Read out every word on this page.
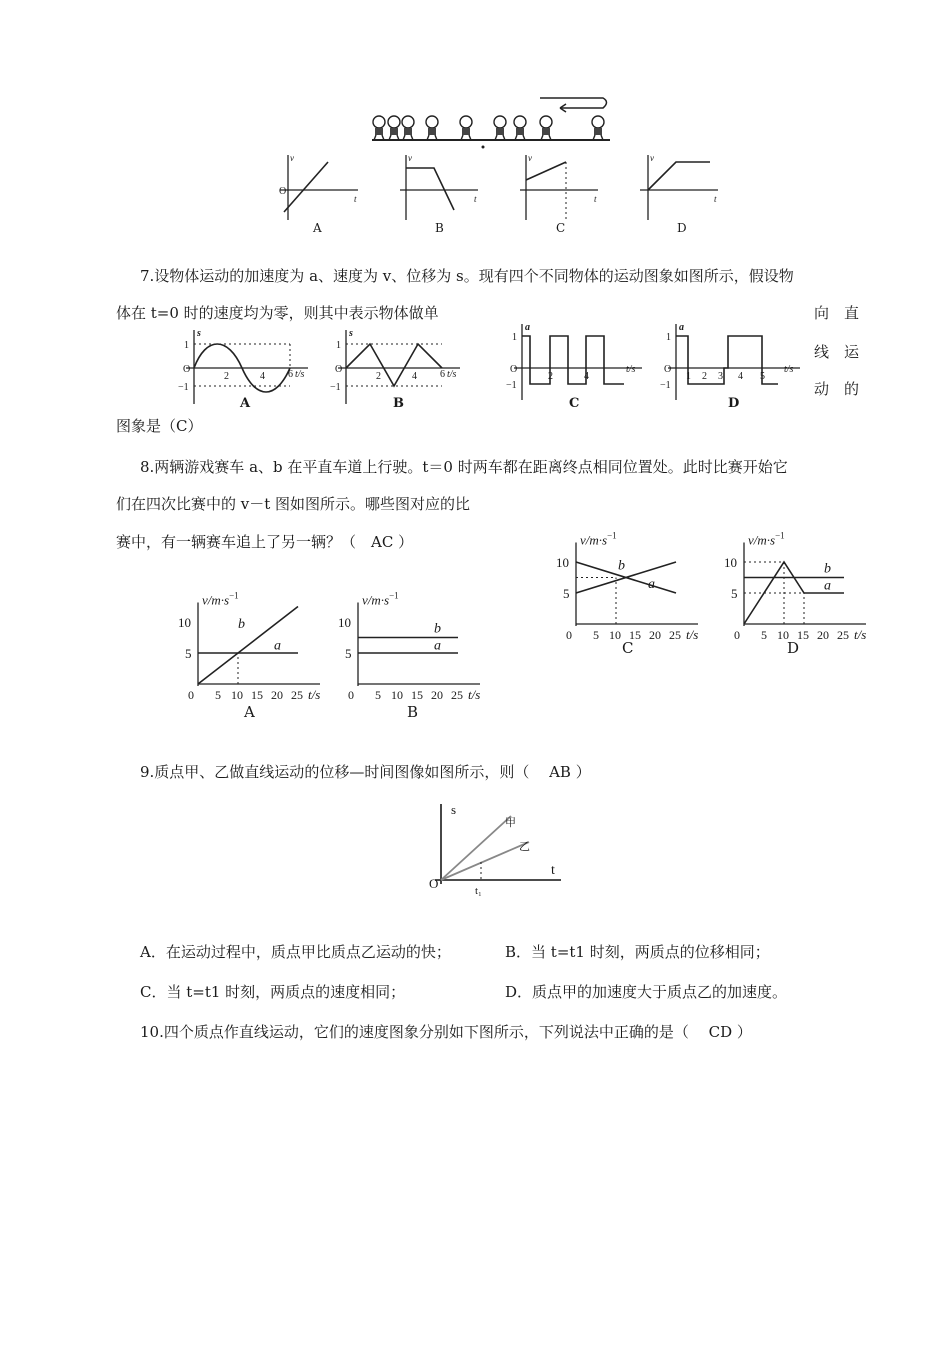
v
t
O
v
t
v
t
v
t
A	B	C	D
7.设物体运动的加速度为 a、速度为 v、位移为 s。现有四个不同物体的运动图象如图所示，假设物
体在 t=0 时的速度均为零，则其中表示物体做单	向　直
线　运
动　的
图象是（C）
s
1
O
−1
2	4 6 t/s
A
s
1
O
−1
2	4 6 t/s
B
a
1
O
−1
2	4
t/s
C
a
1
O
−1
1 2 3 4 5
t/s
D
8.两辆游戏赛车 a、b 在平直车道上行驶。t＝0 时两车都在距离终点相同位置处。此时比赛开始它
们在四次比赛中的 v－t 图如图所示。哪些图对应的比
赛中，有一辆赛车追上了另一辆？（　AC ）
a
b
10
5
0 5 10 15 20 25 t/s
$v/m\cdot s^{-1}$
a
b
10
5
0 5 10 15 20 25 t/s
$v/m\cdot s^{-1}$
a
b
10
5
0 5 10 15 20 25 t/s
$v/m\cdot s^{-1}$
a
b
10
5
0 5 10 15 20 25 t/s
$v/m\cdot s^{-1}$
A	B
C	D
9.质点甲、乙做直线运动的位移—时间图像如图所示，则（　 AB ）
s
t
O	t₁
甲
乙
A．在运动过程中，质点甲比质点乙运动的快；	B．当 t=t1 时刻，两质点的位移相同；
C．当 t=t1 时刻，两质点的速度相同；	D．质点甲的加速度大于质点乙的加速度。
10.四个质点作直线运动，它们的速度图象分别如下图所示，下列说法中正确的是（　 CD ）
